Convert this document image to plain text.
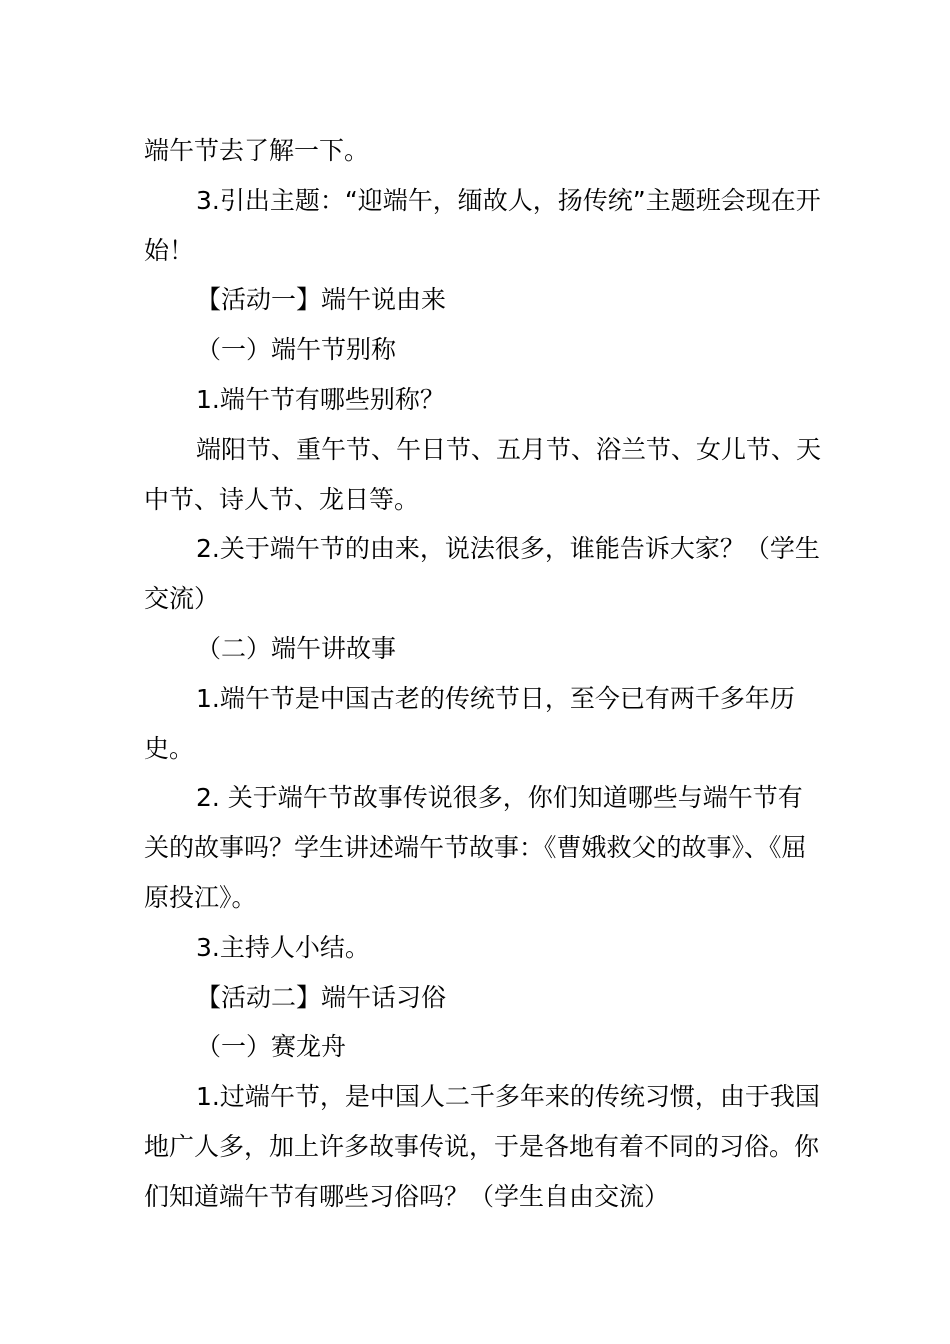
端午节去了解一下。

3.引出主题：“迎端午，缅故人，扬传统”主题班会现在开始！

【活动一】端午说由来

（一）端午节别称

1.端午节有哪些别称？

端阳节、重午节、午日节、五月节、浴兰节、女儿节、天中节、诗人节、龙日等。

2.关于端午节的由来，说法很多，谁能告诉大家？（学生交流）

（二）端午讲故事

1.端午节是中国古老的传统节日，至今已有两千多年历史。

2. 关于端午节故事传说很多，你们知道哪些与端午节有关的故事吗？学生讲述端午节故事：《曹娥救父的故事》、《屈原投江》。

3.主持人小结。

【活动二】端午话习俗

（一）赛龙舟

1.过端午节，是中国人二千多年来的传统习惯，由于我国地广人多，加上许多故事传说，于是各地有着不同的习俗。你们知道端午节有哪些习俗吗？（学生自由交流）
